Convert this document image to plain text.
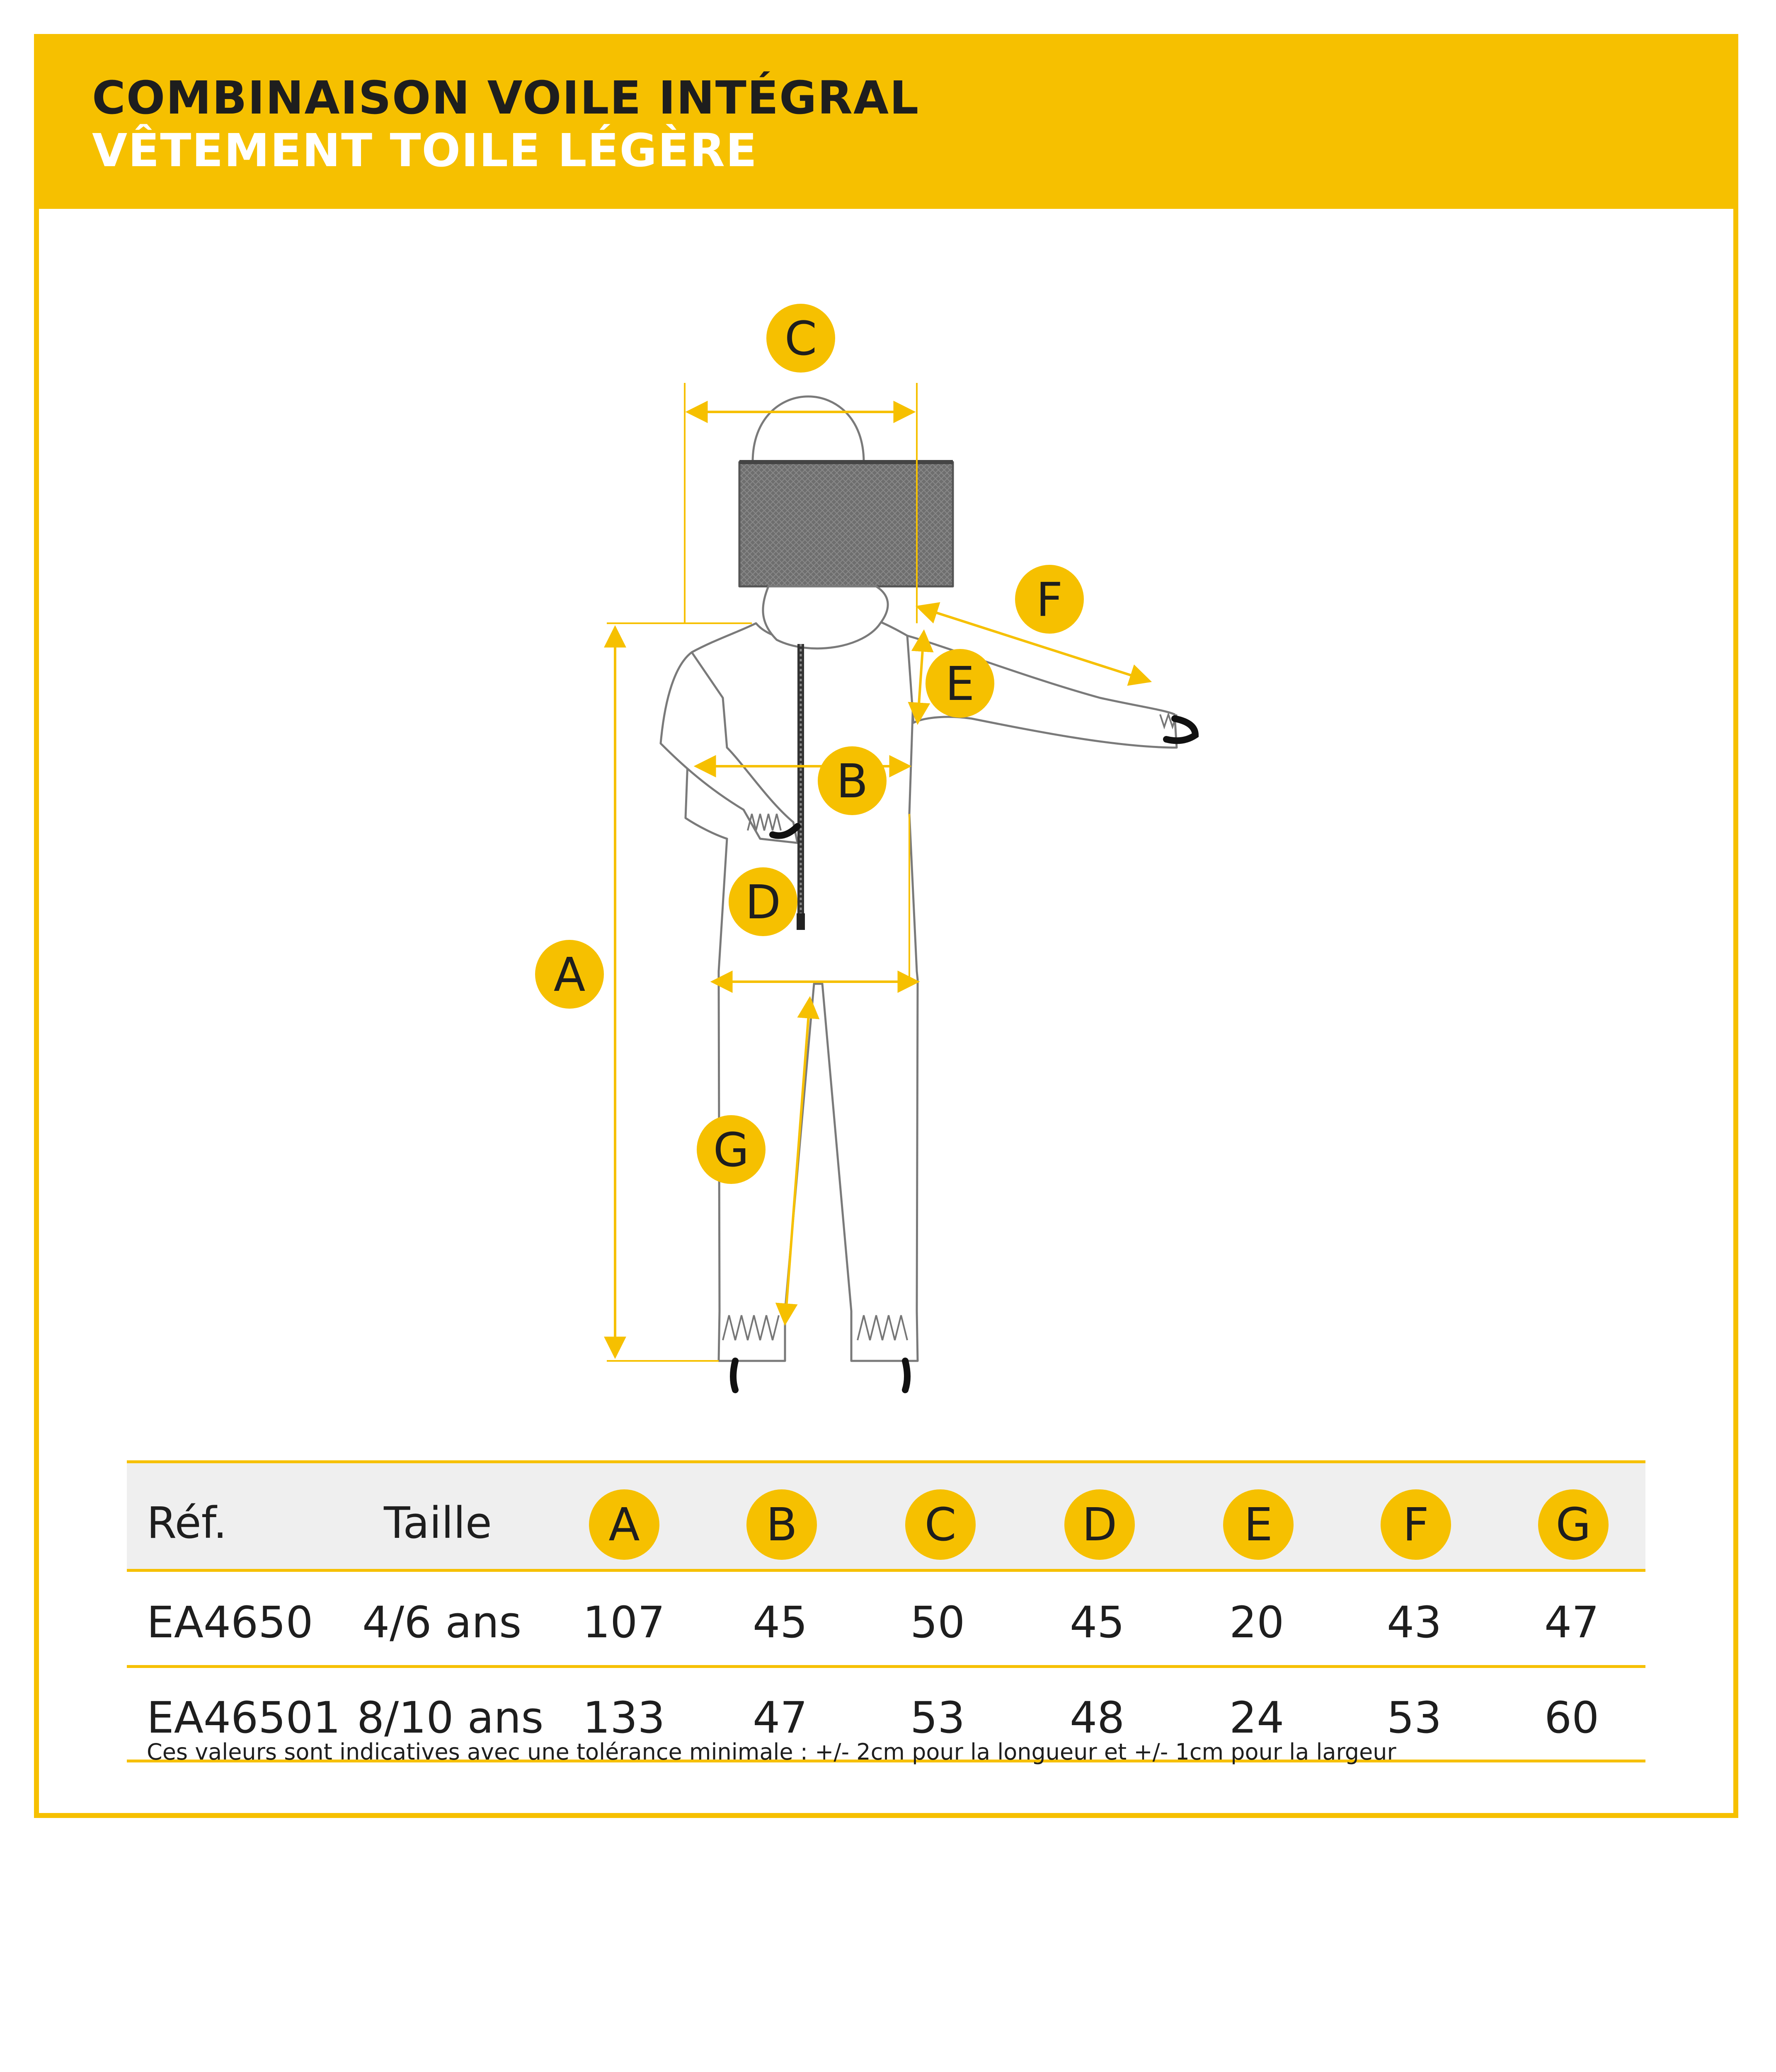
COMBINAISON VOILE INTÉGRAL
VÊTEMENT TOILE LÉGÈRE
C
F
E
B
D
A
G
Réf.	Taille	A	B	C	D	E	F	G
EA4650 4/6 ans 107 45 50 45 20 43 47
EA46501 8/10 ans 133 47 53 48 24 53 60
Ces valeurs sont indicatives avec une tolérance minimale : +/- 2cm pour la longueur et +/- 1cm pour la largeur
